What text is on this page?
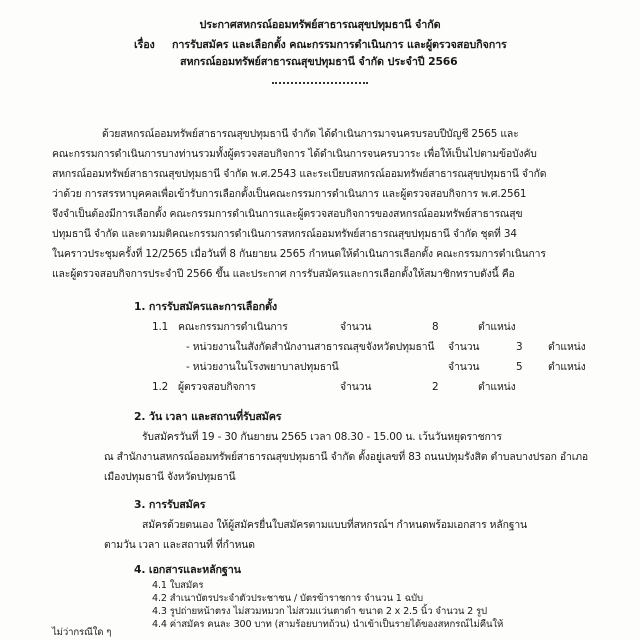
ประกาศสหกรณ์ออมทรัพย์สาธารณสุขปทุมธานี จำกัด
เรื่อง การรับสมัคร และเลือกตั้ง คณะกรรมการดำเนินการ และผู้ตรวจสอบกิจการ
สหกรณ์ออมทรัพย์สาธารณสุขปทุมธานี จำกัด ประจำปี 2566
ด้วยสหกรณ์ออมทรัพย์สาธารณสุขปทุมธานี จำกัด ได้ดำเนินการมาจนครบรอบปีบัญชี 2565 และ
คณะกรรมการดำเนินการบางท่านรวมทั้งผู้ตรวจสอบกิจการ ได้ดำเนินการจนครบวาระ เพื่อให้เป็นไปตามข้อบังคับ
สหกรณ์ออมทรัพย์สาธารณสุขปทุมธานี จำกัด พ.ศ.2543 และระเบียบสหกรณ์ออมทรัพย์สาธารณสุขปทุมธานี จำกัด
ว่าด้วย การสรรหาบุคคลเพื่อเข้ารับการเลือกตั้งเป็นคณะกรรมการดำเนินการ และผู้ตรวจสอบกิจการ พ.ศ.2561
จึงจำเป็นต้องมีการเลือกตั้ง คณะกรรมการดำเนินการและผู้ตรวจสอบกิจการของสหกรณ์ออมทรัพย์สาธารณสุข
ปทุมธานี จำกัด และตามมติคณะกรรมการดำเนินการสหกรณ์ออมทรัพย์สาธารณสุขปทุมธานี จำกัด ชุดที่ 34
ในคราวประชุมครั้งที่ 12/2565 เมื่อวันที่ 8 กันยายน 2565 กำหนดให้ดำเนินการเลือกตั้ง คณะกรรมการดำเนินการ
และผู้ตรวจสอบกิจการประจำปี 2566 ขึ้น และประกาศ การรับสมัครและการเลือกตั้งให้สมาชิกทราบดังนี้ คือ
1. การรับสมัครและการเลือกตั้ง
1.1 คณะกรรมการดำเนินการ	จำนวน	8	ตำแหน่ง
- หน่วยงานในสังกัดสำนักงานสาธารณสุขจังหวัดปทุมธานี จำนวน	3 ตำแหน่ง
- หน่วยงานในโรงพยาบาลปทุมธานี	จำนวน	5 ตำแหน่ง
1.2 ผู้ตรวจสอบกิจการ	จำนวน	2	ตำแหน่ง
2. วัน เวลา และสถานที่รับสมัคร
รับสมัครวันที่ 19 - 30 กันยายน 2565 เวลา 08.30 - 15.00 น. เว้นวันหยุดราชการ
ณ สำนักงานสหกรณ์ออมทรัพย์สาธารณสุขปทุมธานี จำกัด ตั้งอยู่เลขที่ 83 ถนนปทุมรังสิต ตำบลบางปรอก อำเภอ
เมืองปทุมธานี จังหวัดปทุมธานี
3. การรับสมัคร
สมัครด้วยตนเอง ให้ผู้สมัครยื่นใบสมัครตามแบบที่สหกรณ์ฯ กำหนดพร้อมเอกสาร หลักฐาน
ตามวัน เวลา และสถานที่ ที่กำหนด
4. เอกสารและหลักฐาน
4.1 ใบสมัคร
4.2 สำเนาบัตรประจำตัวประชาชน / บัตรข้าราชการ จำนวน 1 ฉบับ
4.3 รูปถ่ายหน้าตรง ไม่สวมหมวก ไม่สวมแว่นตาดำ ขนาด 2 x 2.5 นิ้ว จำนวน 2 รูป
4.4 ค่าสมัคร คนละ 300 บาท (สามร้อยบาทถ้วน) นำเข้าเป็นรายได้ของสหกรณ์ไม่คืนให้
ไม่ว่ากรณีใด ๆ
